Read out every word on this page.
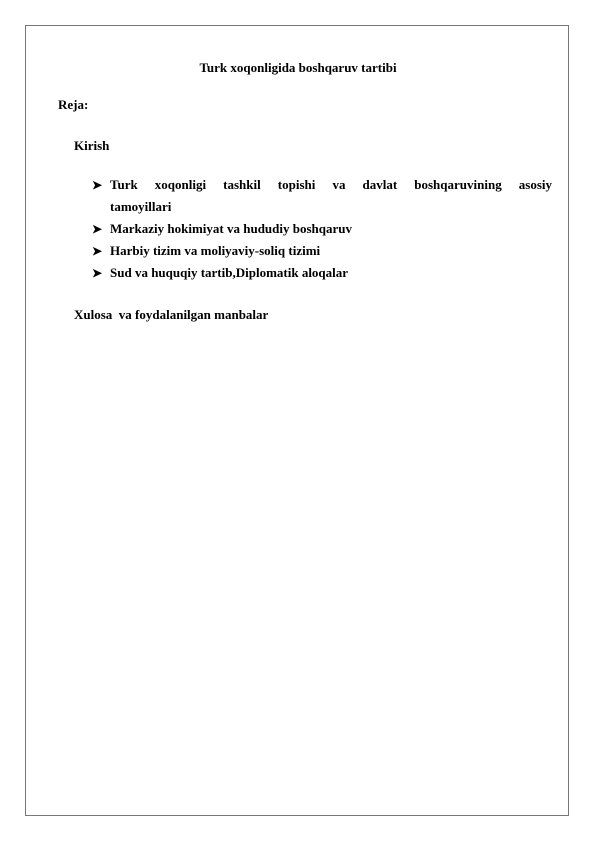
Turk xoqonligida boshqaruv tartibi
Reja:
Kirish
➤ Turk xoqonligi tashkil topishi va davlat boshqaruvining asosiy
tamoyillari
➤ Markaziy hokimiyat va hududiy boshqaruv
➤ Harbiy tizim va moliyaviy-soliq tizimi
➤ Sud va huquqiy tartib,Diplomatik aloqalar
Xulosa  va foydalanilgan manbalar
